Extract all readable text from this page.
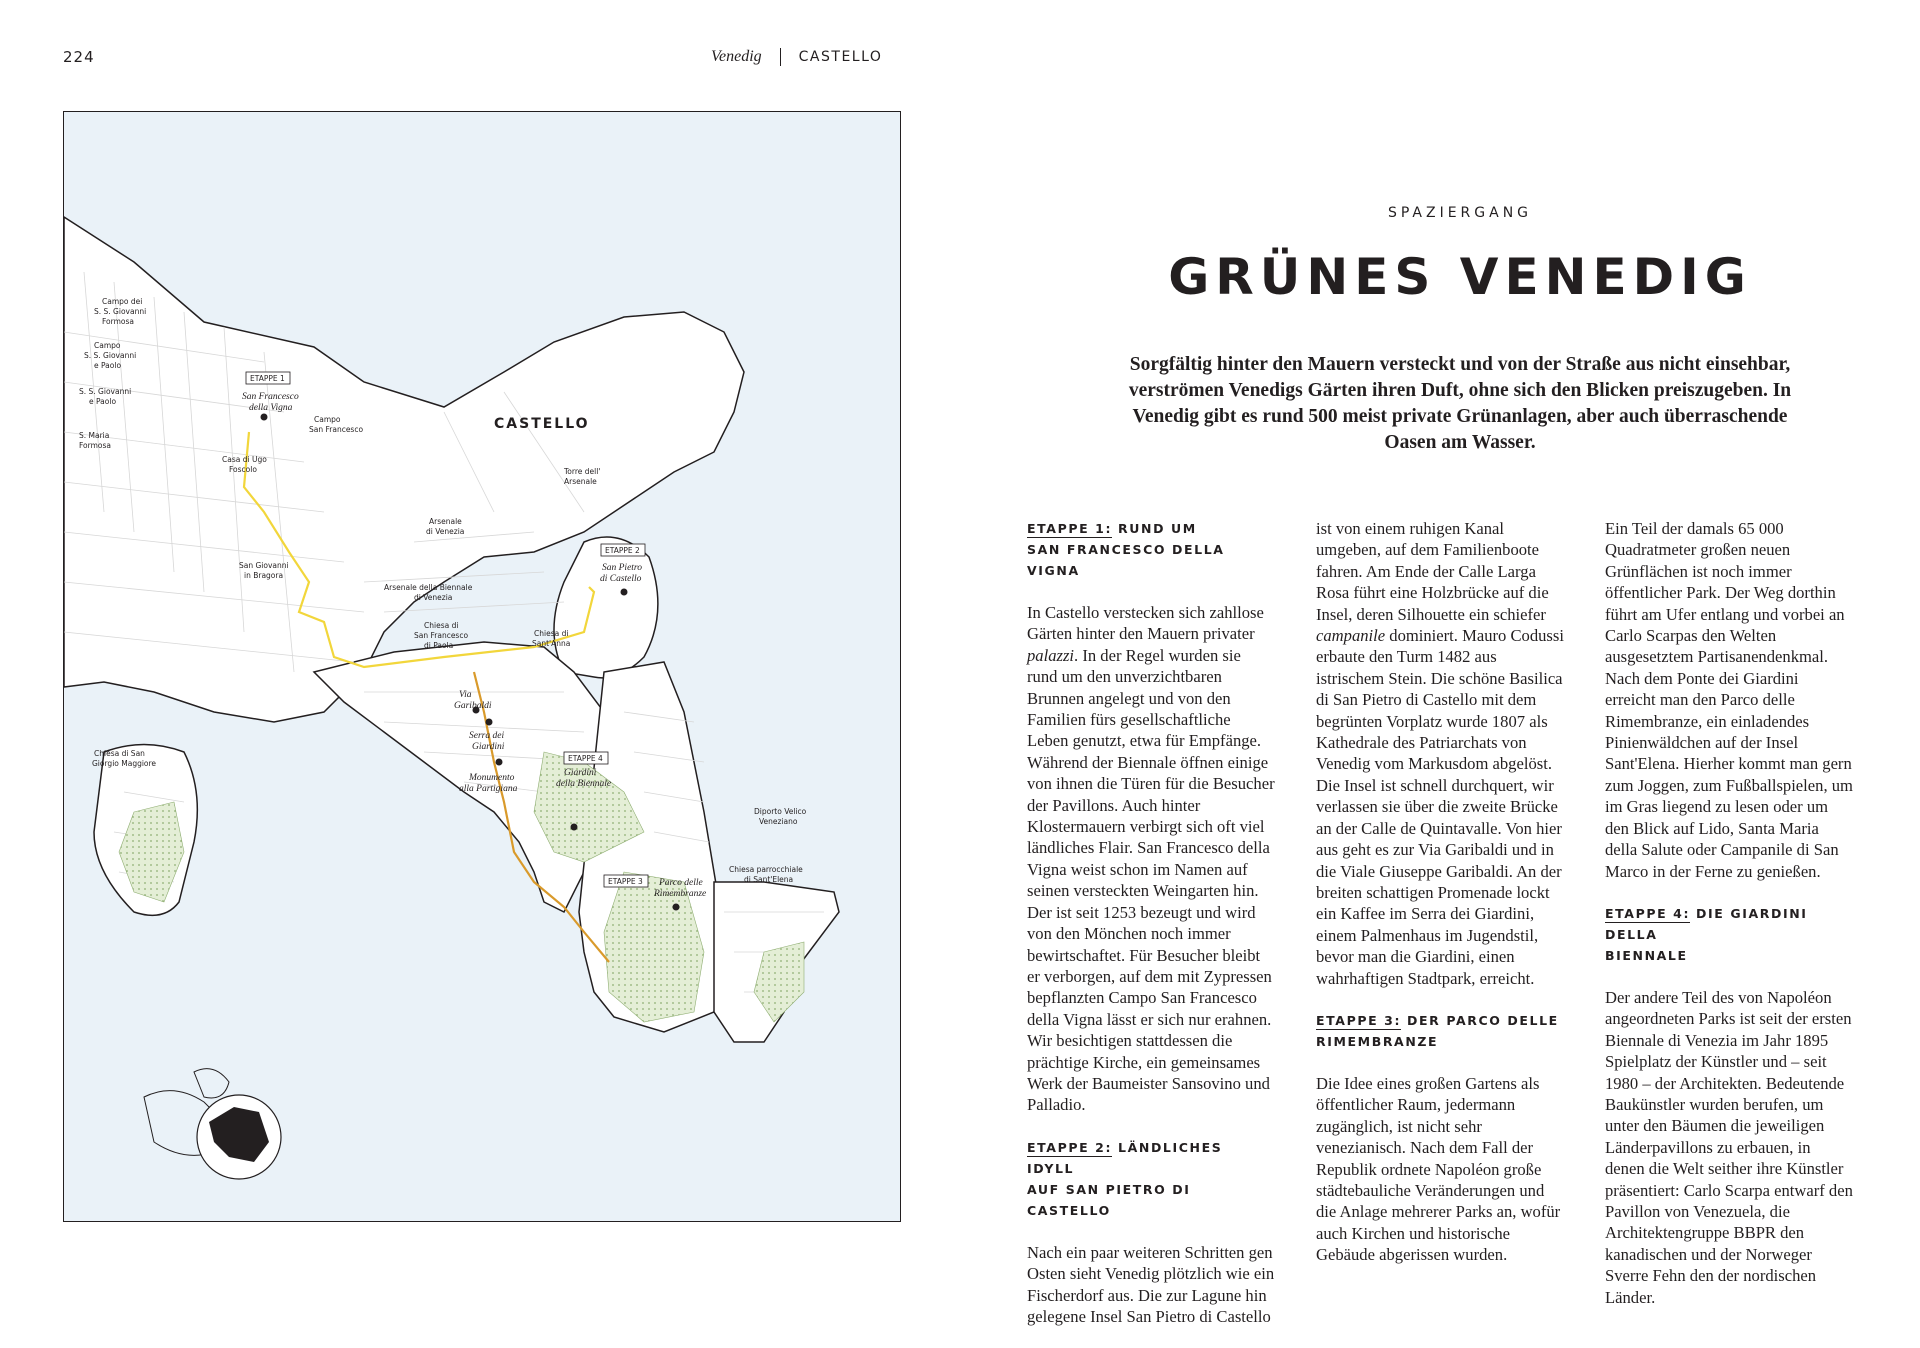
224	Venedig	CASTELLO
Campo dei
S. S. Giovanni
Formosa
Campo
S. S. Giovanni
e Paolo
S. S. Giovanni
e Paolo
S. Maria
Formosa
ETAPPE 1
San Francesco
della Vigna
Campo
San Francesco
Casa di Ugo
Foscolo
CASTELLO
Torre dell'
Arsenale
Arsenale
di Venezia
San Giovanni
in Bragora
Arsenale della Biennale
di Venezia
Chiesa di
San Francesco
di Paola
Chiesa di
Sant'Anna
ETAPPE 2
San Pietro
di Castello
Via
Garibaldi
Serra dei
Giardini
Monumento
alla Partigiana
ETAPPE 4
Giardini
della Biennale
ETAPPE 3 Parco delle
Rimembranze
Chiesa di San
Giorgio Maggiore
Diporto Velico
Veneziano
Chiesa parrocchiale
di Sant'Elena
SPAZIERGANG
GRÜNES VENEDIG
Sorgfältig hinter den Mauern versteckt und von der Straße aus nicht einsehbar, verströmen Venedigs Gärten ihren Duft, ohne sich den Blicken preiszugeben. In Venedig gibt es rund 500 meist private Grünanlagen, aber auch überraschende Oasen am Wasser.
ETAPPE 1: RUND UM
SAN FRANCESCO DELLA VIGNA

In Castello verstecken sich zahllose Gärten hinter den Mauern privater palazzi. In der Regel wurden sie rund um den unverzichtbaren Brunnen angelegt und von den Familien fürs gesellschaftliche Leben genutzt, etwa für Empfänge. Während der Biennale öffnen einige von ihnen die Türen für die Besucher der Pavillons. Auch hinter Klostermauern verbirgt sich oft viel ländliches Flair. San Francesco della Vigna weist schon im Namen auf seinen versteckten Weingarten hin. Der ist seit 1253 bezeugt und wird von den Mönchen noch immer bewirtschaftet. Für Besucher bleibt er verborgen, auf dem mit Zypressen bepflanzten Campo San Francesco della Vigna lässt er sich nur erahnen. Wir besichtigen stattdessen die prächtige Kirche, ein gemeinsames Werk der Baumeister Sansovino und Palladio.

ETAPPE 2: LÄNDLICHES IDYLL
AUF SAN PIETRO DI CASTELLO

Nach ein paar weiteren Schritten gen Osten sieht Venedig plötzlich wie ein Fischerdorf aus. Die zur Lagune hin gelegene Insel San Pietro di Castello

ist von einem ruhigen Kanal umgeben, auf dem Familienboote fahren. Am Ende der Calle Larga Rosa führt eine Holzbrücke auf die Insel, deren Silhouette ein schiefer campanile dominiert. Mauro Codussi erbaute den Turm 1482 aus istrischem Stein. Die schöne Basilica di San Pietro di Castello mit dem begrünten Vorplatz wurde 1807 als Kathedrale des Patriarchats von Venedig vom Markusdom abgelöst. Die Insel ist schnell durchquert, wir verlassen sie über die zweite Brücke an der Calle de Quintavalle. Von hier aus geht es zur Via Garibaldi und in die Viale Giuseppe Garibaldi. An der breiten schattigen Promenade lockt ein Kaffee im Serra dei Giardini, einem Palmenhaus im Jugendstil, bevor man die Giardini, einen wahrhaftigen Stadtpark, erreicht.

ETAPPE 3: DER PARCO DELLE
RIMEMBRANZE

Die Idee eines großen Gartens als öffentlicher Raum, jedermann zugänglich, ist nicht sehr venezianisch. Nach dem Fall der Republik ordnete Napoléon große städtebauliche Veränderungen und die Anlage mehrerer Parks an, wofür auch Kirchen und historische Gebäude abgerissen wurden.

Ein Teil der damals 65 000 Quadratmeter großen neuen Grünflächen ist noch immer öffentlicher Park. Der Weg dorthin führt am Ufer entlang und vorbei an Carlo Scarpas den Welten ausgesetztem Partisanendenkmal. Nach dem Ponte dei Giardini erreicht man den Parco delle Rimembranze, ein einladendes Pinienwäldchen auf der Insel Sant'Elena. Hierher kommt man gern zum Joggen, zum Fußballspielen, um im Gras liegend zu lesen oder um den Blick auf Lido, Santa Maria della Salute oder Campanile di San Marco in der Ferne zu genießen.

ETAPPE 4: DIE GIARDINI DELLA
BIENNALE

Der andere Teil des von Napoléon angeordneten Parks ist seit der ersten Biennale di Venezia im Jahr 1895 Spielplatz der Künstler und – seit 1980 – der Architekten. Bedeutende Baukünstler wurden berufen, um unter den Bäumen die jeweiligen Länderpavillons zu erbauen, in denen die Welt seither ihre Künstler präsentiert: Carlo Scarpa entwarf den Pavillon von Venezuela, die Architektengruppe BBPR den kanadischen und der Norweger Sverre Fehn den der nordischen Länder.
